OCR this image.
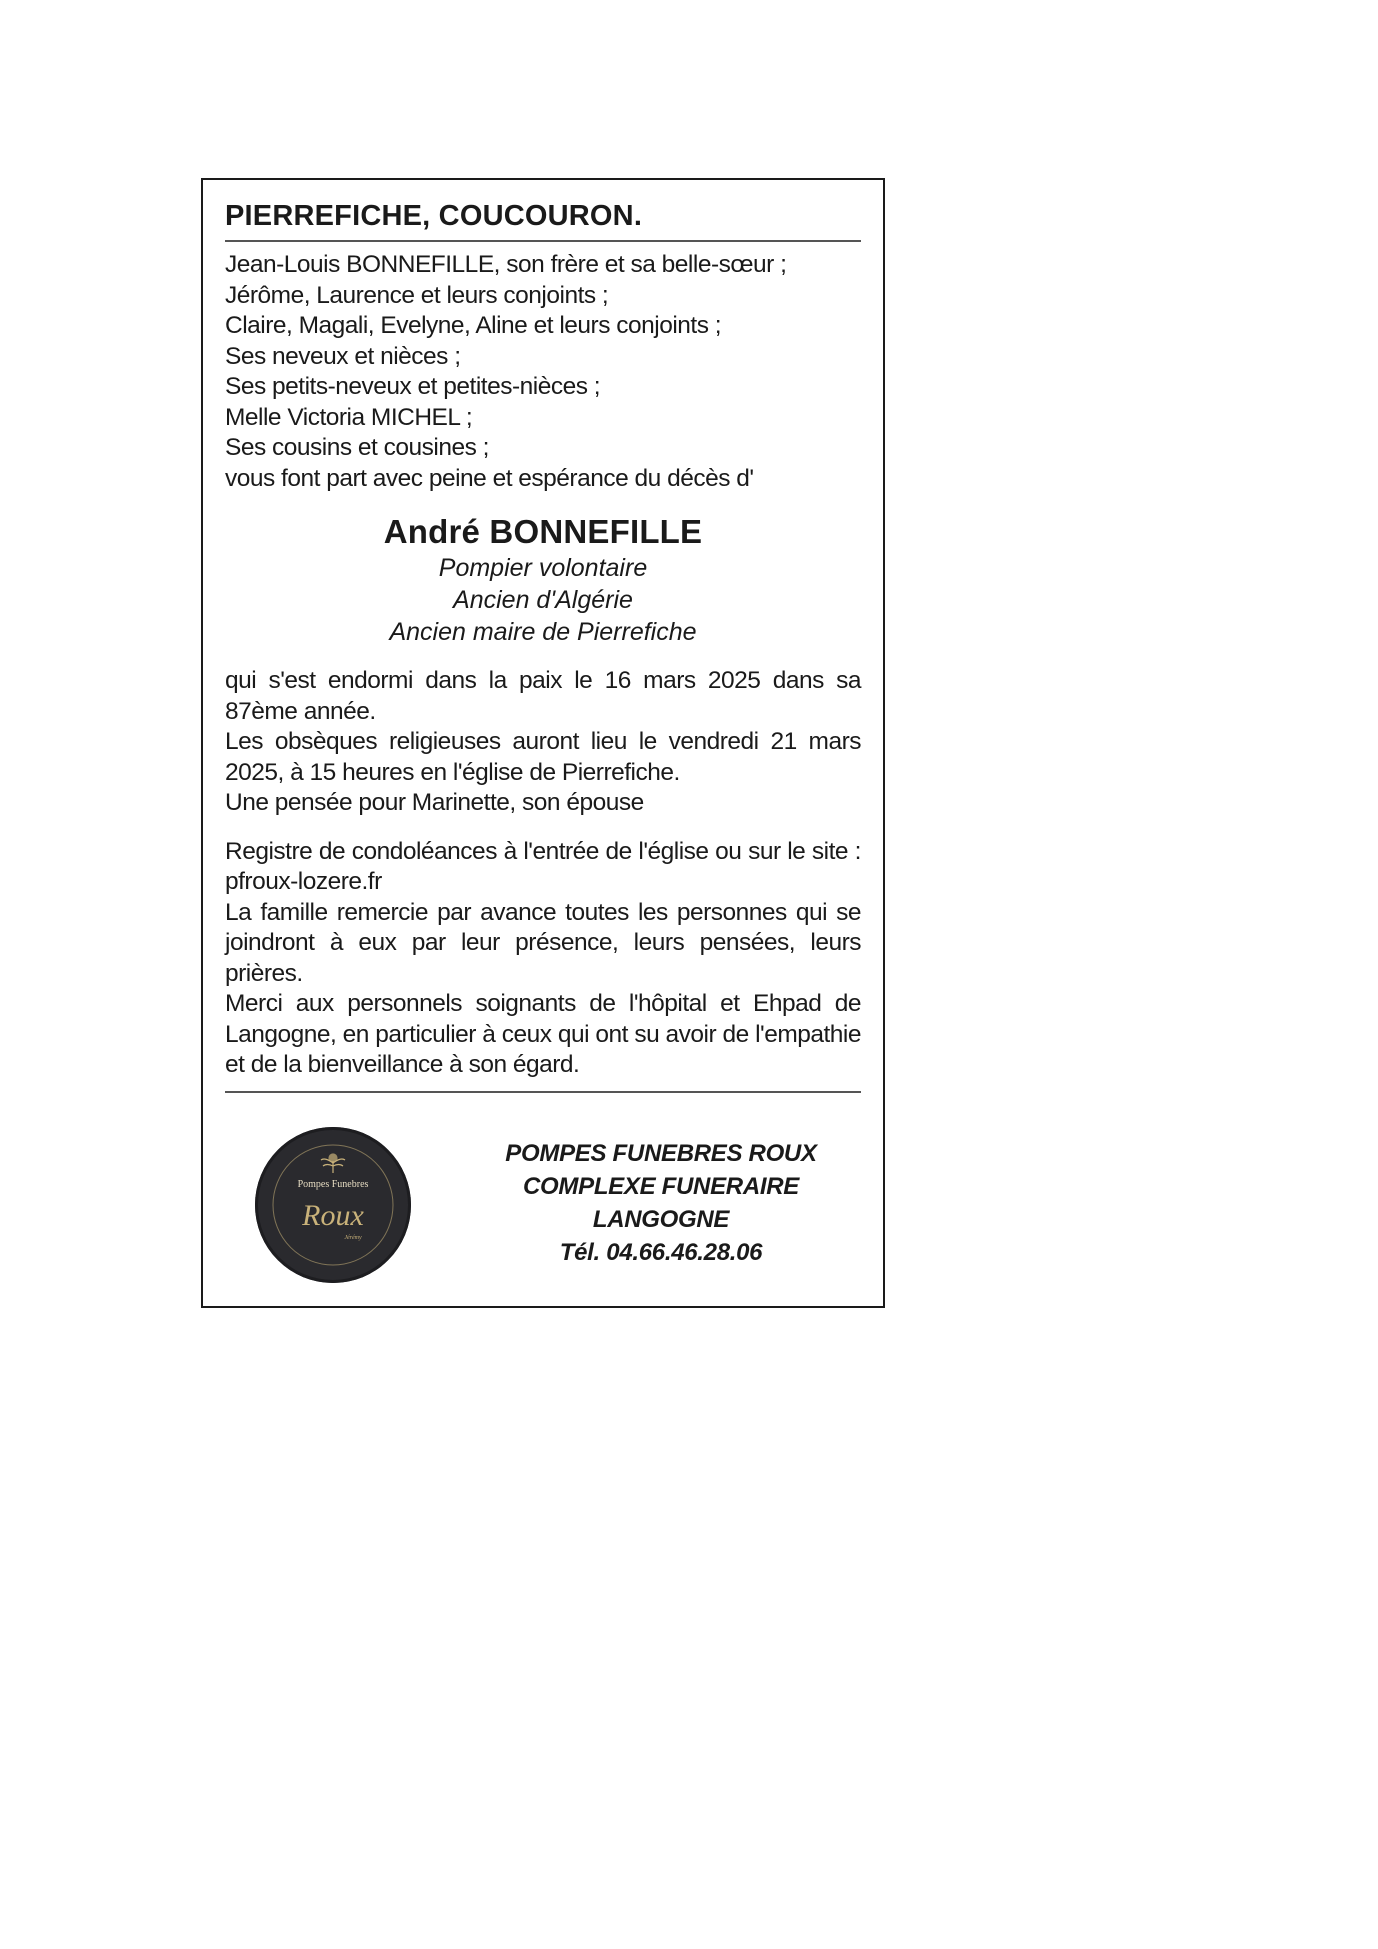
PIERREFICHE, COUCOURON.
Jean-Louis BONNEFILLE, son frère et sa belle-sœur ;
Jérôme, Laurence et leurs conjoints ;
Claire, Magali, Evelyne, Aline et leurs conjoints ;
Ses neveux et nièces ;
Ses petits-neveux et petites-nièces ;
Melle Victoria MICHEL ;
Ses cousins et cousines ;
vous font part avec peine et espérance du décès d'
André BONNEFILLE
Pompier volontaire
Ancien d'Algérie
Ancien maire de Pierrefiche
qui s'est endormi dans la paix le 16 mars 2025 dans sa 87ème année.
Les obsèques religieuses auront lieu le vendredi 21 mars 2025, à 15 heures en l'église de Pierrefiche.
Une pensée pour Marinette, son épouse
Registre de condoléances à l'entrée de l'église ou sur le site : pfroux-lozere.fr
La famille remercie par avance toutes les personnes qui se joindront à eux par leur présence, leurs pensées, leurs prières.
Merci aux personnels soignants de l'hôpital et Ehpad de Langogne, en particulier à ceux qui ont su avoir de l'empathie et de la bienveillance à son égard.
Pompes Funebres
Roux
Jérémy
POMPES FUNEBRES ROUX
COMPLEXE FUNERAIRE LANGOGNE
Tél. 04.66.46.28.06
